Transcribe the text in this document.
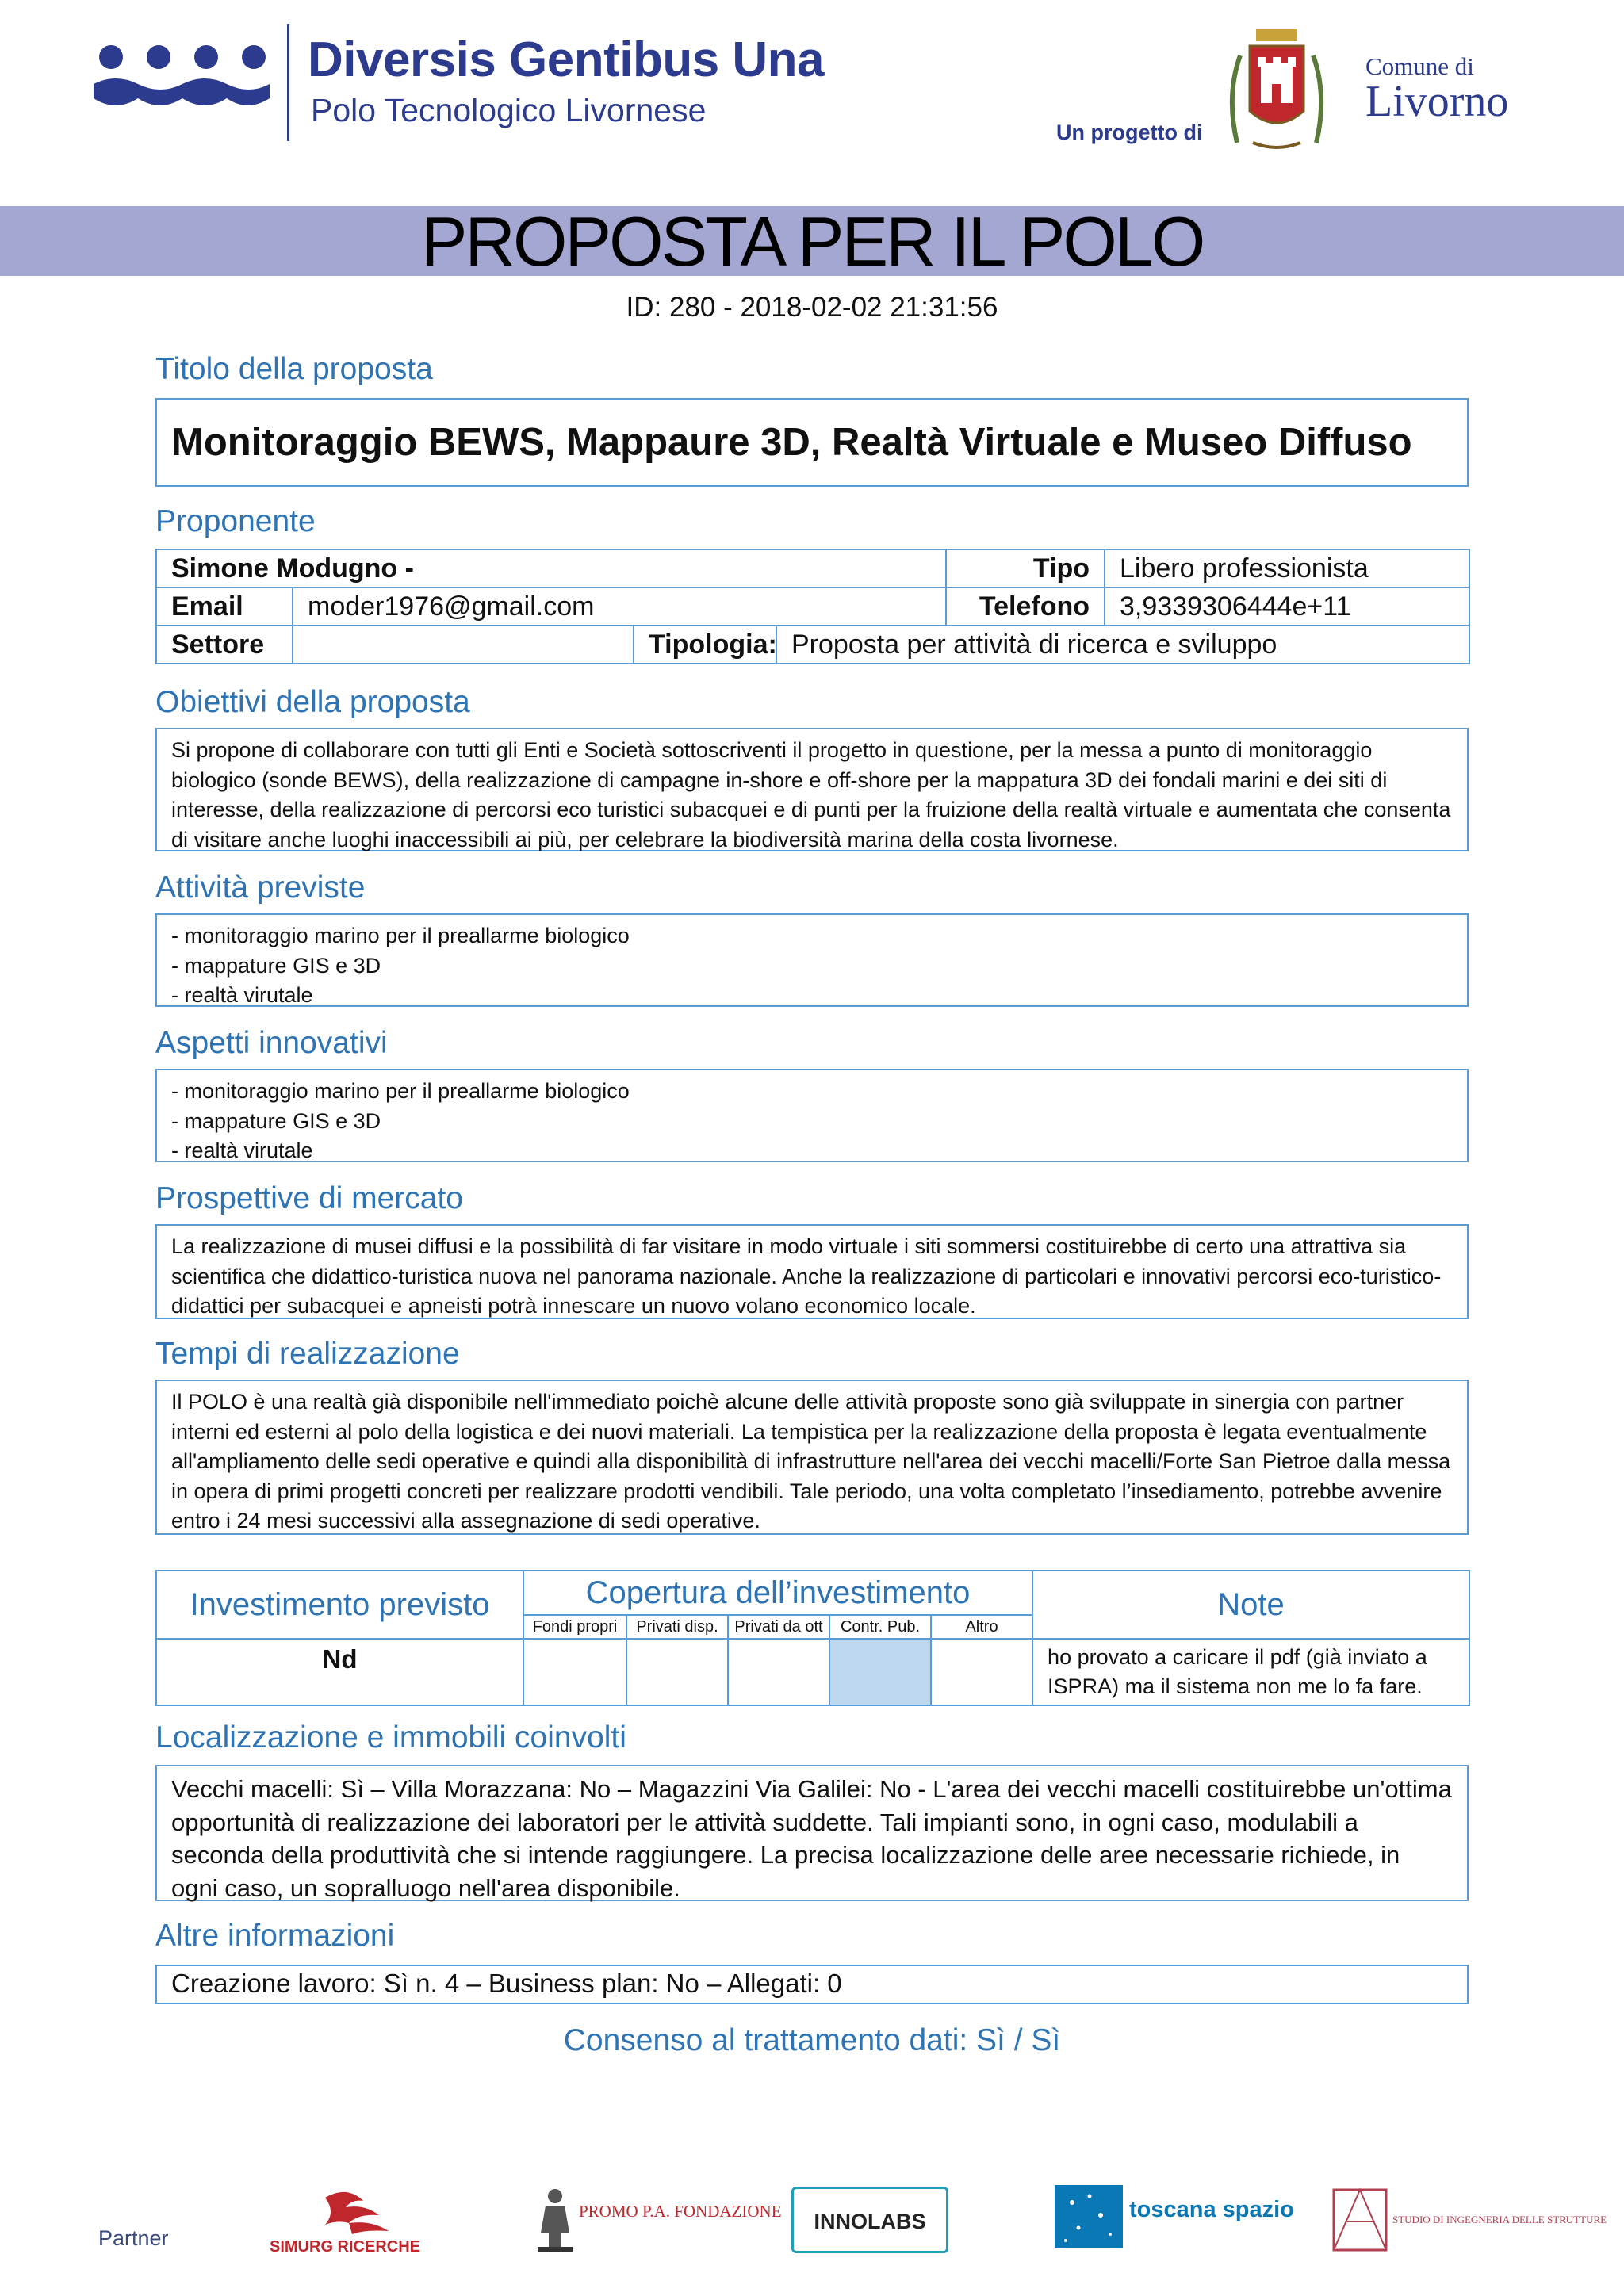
Diversis Gentibus Una
Polo Tecnologico Livornese
Un progetto di
Comune di
Livorno
PROPOSTA PER IL POLO
ID: 280 - 2018-02-02 21:31:56
Titolo della proposta
Monitoraggio BEWS, Mappaure 3D, Realtà Virtuale e Museo Diffuso
Proponente
Simone Modugno -				Tipo	Libero professionista
Email	moder1976@gmail.com			Telefono	3,9339306444e+11
Settore		Tipologia:	Proposta per attività di ricerca e sviluppo		
Obiettivi della proposta
Si propone di collaborare con tutti gli Enti e Società sottoscriventi il progetto in questione, per la messa a punto di monitoraggio biologico (sonde BEWS), della realizzazione di campagne in-shore e off-shore per la mappatura 3D dei fondali marini e dei siti di interesse, della realizzazione di percorsi eco turistici subacquei e di punti per la fruizione della realtà virtuale e aumentata che consenta di visitare anche luoghi inaccessibili ai più, per celebrare la biodiversità marina della costa livornese.
Attività previste
- monitoraggio marino per il preallarme biologico
- mappature GIS e 3D
- realtà virutale
Aspetti innovativi
- monitoraggio marino per il preallarme biologico
- mappature GIS e 3D
- realtà virutale
Prospettive di mercato
La realizzazione di musei diffusi e la possibilità di far visitare in modo virtuale i siti sommersi costituirebbe di certo una attrattiva sia scientifica che didattico-turistica nuova nel panorama nazionale. Anche la realizzazione di particolari e innovativi percorsi eco-turistico-didattici per subacquei e apneisti potrà innescare un nuovo volano economico locale.
Tempi di realizzazione
Il POLO è una realtà già disponibile nell'immediato poichè alcune delle attività proposte sono già sviluppate in sinergia con partner interni ed esterni al polo della logistica e dei nuovi materiali. La tempistica per la realizzazione della proposta è legata eventualmente all'ampliamento delle sedi operative e quindi alla disponibilità di infrastrutture nell'area dei vecchi macelli/Forte San Pietroe dalla messa in opera di primi progetti concreti per realizzare prodotti vendibili. Tale periodo, una volta completato l’insediamento, potrebbe avvenire entro i 24 mesi successivi alla assegnazione di sedi operative.
Investimento previsto	Copertura dell’investimento					Note
	Fondi propri	Privati disp.	Privati da ott	Contr. Pub.	Altro	
Nd						ho provato a caricare il pdf (già inviato a ISPRA) ma il sistema non me lo fa fare.
Localizzazione e immobili coinvolti
Vecchi macelli: Sì – Villa Morazzana: No – Magazzini Via Galilei: No - L'area dei vecchi macelli costituirebbe un'ottima opportunità di realizzazione dei laboratori per le attività suddette. Tali impianti sono, in ogni caso, modulabili a seconda della produttività che si intende raggiungere. La precisa localizzazione delle aree necessarie richiede, in ogni caso, un sopralluogo nell'area disponibile.
Altre informazioni
Creazione lavoro: Sì n. 4 – Business plan: No – Allegati: 0
Consenso al trattamento dati: Sì / Sì
Partner	SIMURG RICERCHE
PROMO P.A. FONDAZIONE INNOLABS	toscana spazio	STUDIO DI INGEGNERIA DELLE STRUTTURE
